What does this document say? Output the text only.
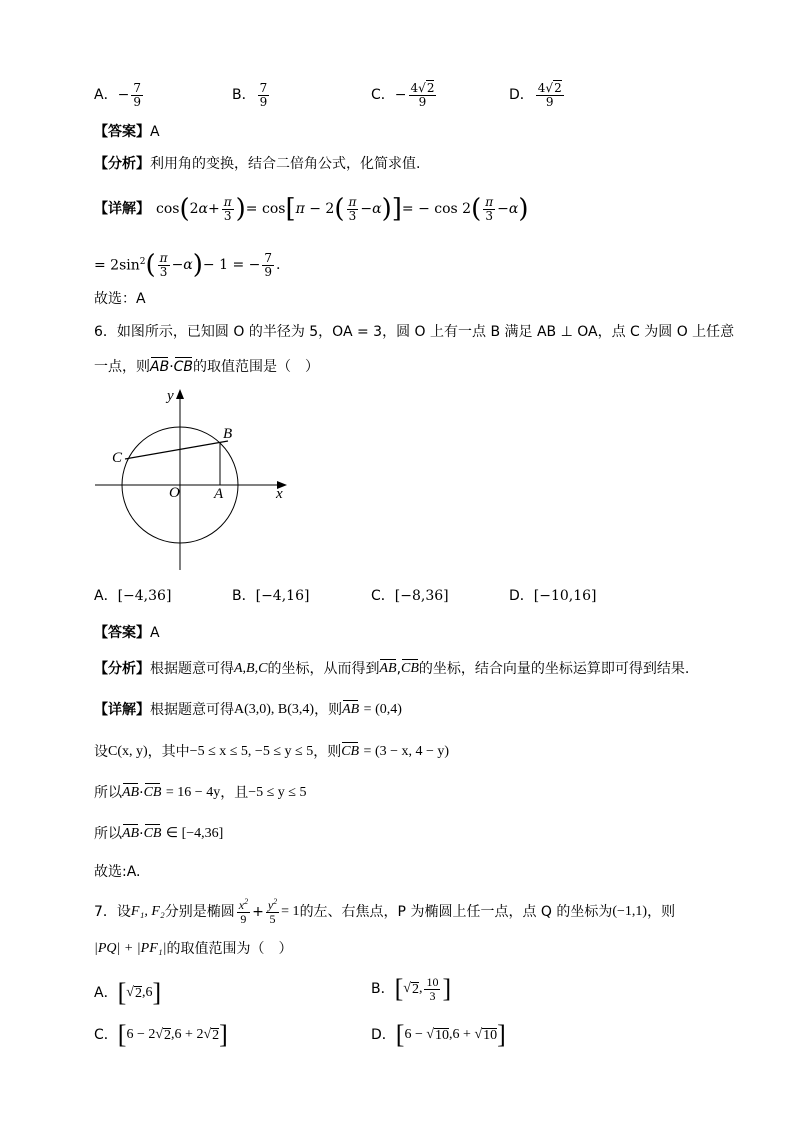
A． − $\frac{7}{9}$	B． $\frac{7}{9}$	C． − $\frac{4√2}{9}$	D． $\frac{4√2}{9}$
【答案】A
【分析】利用角的变换，结合二倍角公式，化简求值.
【详解】 cos ( 2 $\alpha + \frac{\pi}{3}$ ) = cos [ π − 2 ( $\frac{\pi}{3} - \alpha$ ) ] = − cos 2 ( $\frac{\pi}{3} - \alpha$ )
= $2\sin^2$ ( $\frac{\pi}{3} - \alpha$ ) − 1 = − $\frac{7}{9}$ .
故选：A
6．如图所示，已知圆 O 的半径为 5，OA = 3，圆 O 上有一点 B 满足 AB ⊥ OA，点 C 为圆 O 上任意
一点，则 AB · CB 的取值范围是（　）
O A
B
C
x
y
A．[−4,36]	B．[−4,16]	C．[−8,36]	D．[−10,16]
【答案】A
【分析】 根据题意可得 A,B,C 的坐标，从而得到 AB , CB 的坐标，结合向量的坐标运算即可得到结果.
【详解】 根据题意可得 A(3,0), B(3,4) ，则 AB
= (0,4)
设 C(x, y) ，其中 −5 ≤ x ≤ 5, −5 ≤ y ≤ 5 ，则 CB
= (3 − x, 4 − y)
所以 AB · CB
= 16 − 4y ，且 −5 ≤ y ≤ 5
所以 AB · CB
∈ [−4,36]
故选:A.
7．设 F₁, F₂ 分别是椭圆 $\frac{x^2}{9} + \frac{y^2}{5} = 1$ 的左、右焦点，P 为椭圆上任一点，点 Q 的坐标为 (−1,1) ，则
|PQ| + |PF₁| 的取值范围为（　）
A． [ √ 2 ,6 ]	B． [ √ 2 , $\frac{10}{3}$ ]
C． [ 6 − 2√ 2 ,6 + 2√ 2 ]	D． [ 6 − √ 10 ,6 + √ 10 ]
